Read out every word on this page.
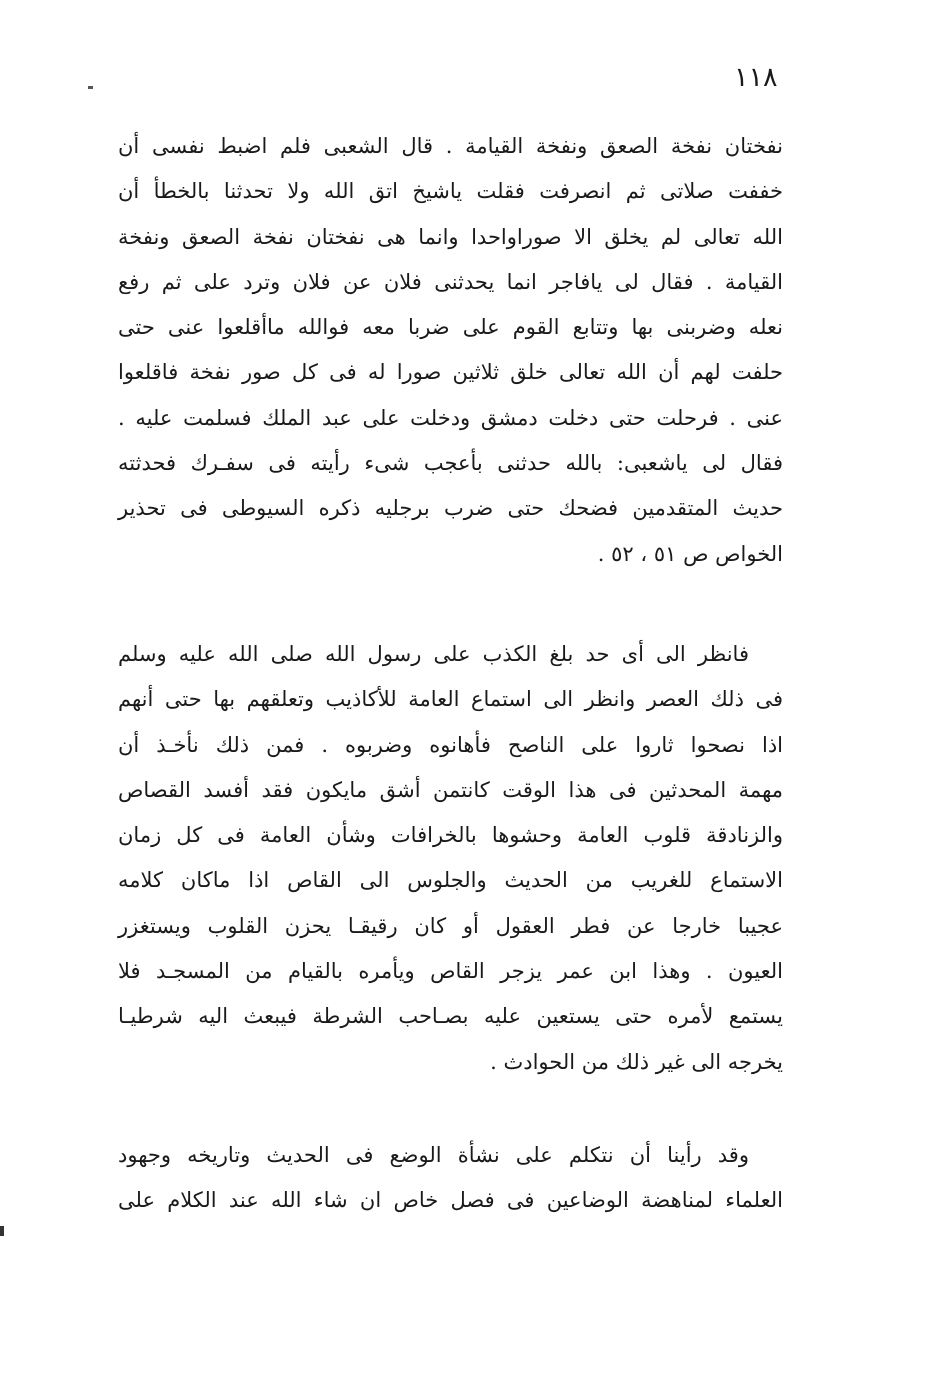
١١٨
نفختان نفخة الصعق ونفخة القيامة . قال الشعبى فلم اضبط نفسى أن
خففت صلاتى ثم انصرفت فقلت ياشيخ اتق الله ولا تحدثنا بالخطأ أن
الله تعالى لم يخلق الا صوراواحدا وانما هى نفختان نفخة الصعق ونفخة
القيامة . فقال لى يافاجر انما يحدثنى فلان عن فلان وترد على ثم رفع
نعله وضربنى بها وتتابع القوم على ضربا معه فوالله ماأقلعوا عنى حتى
حلفت لهم أن الله تعالى خلق ثلاثين صورا له فى كل صور نفخة فاقلعوا
عنى . فرحلت حتى دخلت دمشق ودخلت على عبد الملك فسلمت عليه .
فقال لى ياشعبى: بالله حدثنى بأعجب شىء رأيته فى سفـرك فحدثته
حديث المتقدمين فضحك حتى ضرب برجليه ذكره السيوطى فى تحذير
الخواص ص ٥١ ، ٥٢ .
فانظر الى أى حد بلغ الكذب على رسول الله صلى الله عليه وسلم
فى ذلك العصر وانظر الى استماع العامة للأكاذيب وتعلقهم بها حتى أنهم
اذا نصحوا ثاروا على الناصح فأهانوه وضربوه . فمن ذلك نأخـذ أن
مهمة المحدثين فى هذا الوقت كانتمن أشق مايكون فقد أفسد القصاص
والزنادقة قلوب العامة وحشوها بالخرافات وشأن العامة فى كل زمان
الاستماع للغريب من الحديث والجلوس الى القاص اذا ماكان كلامه
عجيبا خارجا عن فطر العقول أو كان رقيقـا يحزن القلوب ويستغزر
العيون . وهذا ابن عمر يزجر القاص ويأمره بالقيام من المسجـد فلا
يستمع لأمره حتى يستعين عليه بصـاحب الشرطة فيبعث اليه شرطيـا
يخرجه الى غير ذلك من الحوادث .
وقد رأينا أن نتكلم على نشأة الوضع فى الحديث وتاريخه وجهود
العلماء لمناهضة الوضاعين فى فصل خاص ان شاء الله عند الكلام على
